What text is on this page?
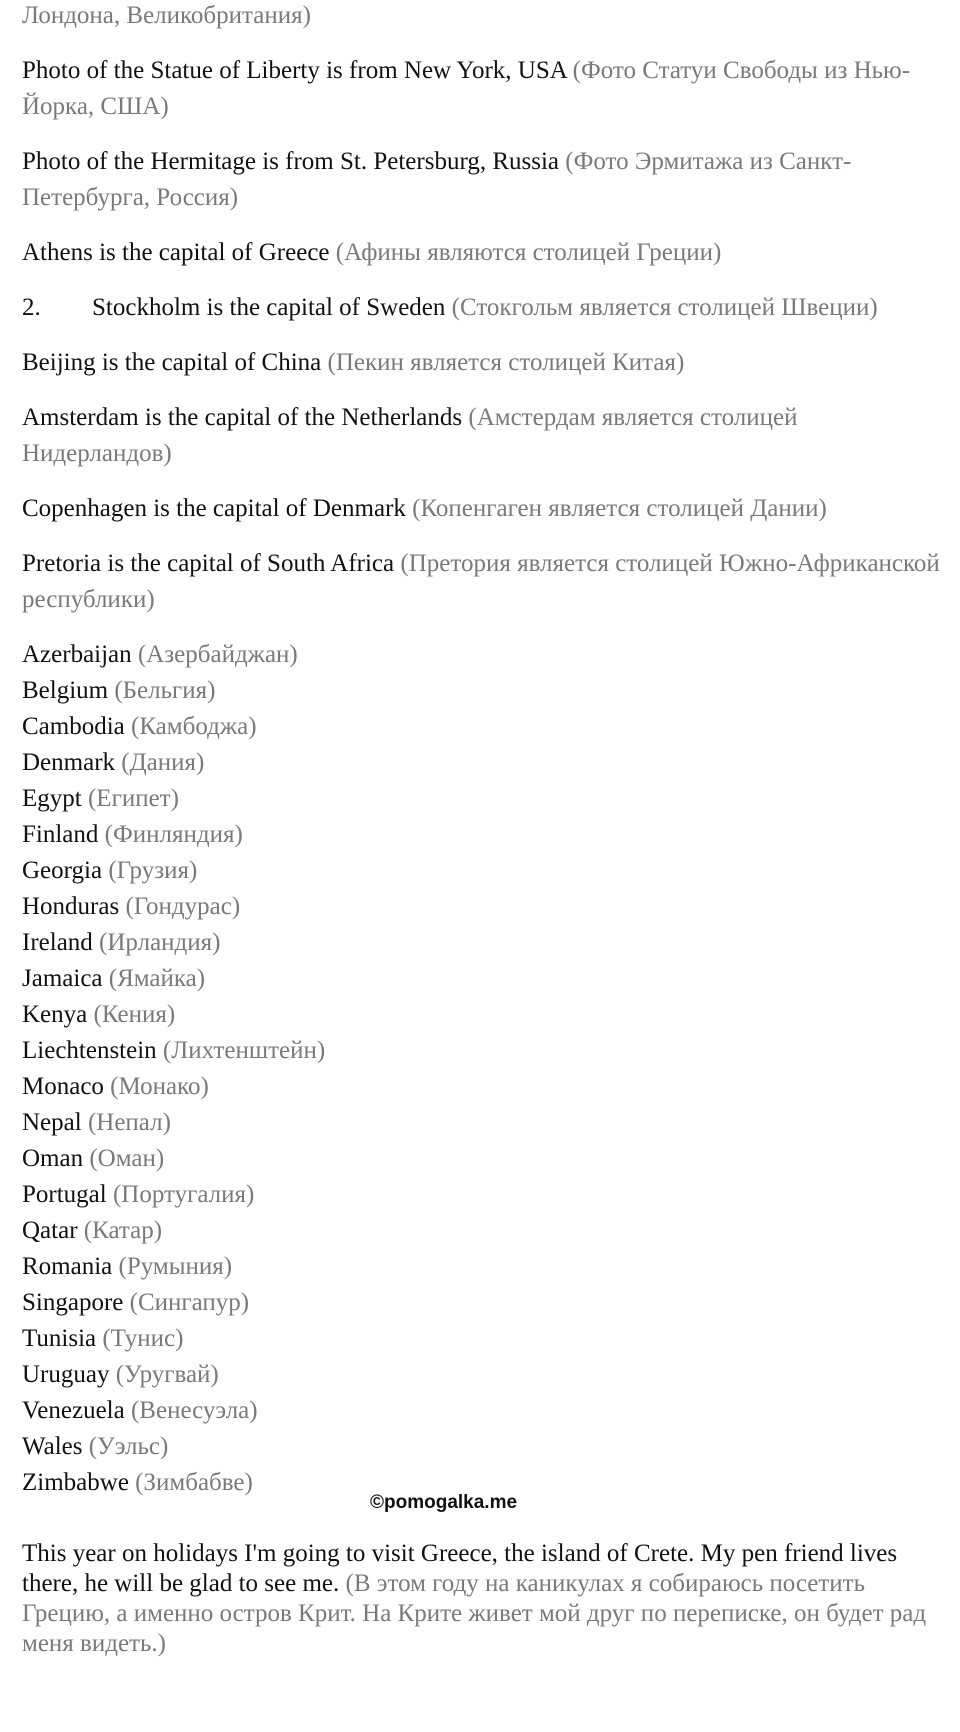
Лондона, Великобритания)

Photo of the Statue of Liberty is from New York, USA (Фото Статуи Свободы из Нью-Йорка, США)

Photo of the Hermitage is from St. Petersburg, Russia (Фото Эрмитажа из Санкт-Петербурга, Россия)

Athens is the capital of Greece (Афины являются столицей Греции)

2. Stockholm is the capital of Sweden (Стокгольм является столицей Швеции)

Beijing is the capital of China (Пекин является столицей Китая)

Amsterdam is the capital of the Netherlands (Амстердам является столицей Нидерландов)

Copenhagen is the capital of Denmark (Копенгаген является столицей Дании)

Pretoria is the capital of South Africa (Претория является столицей Южно-Африканской республики)

Azerbaijan (Азербайджан)
Belgium (Бельгия)
Cambodia (Камбоджа)
Denmark (Дания)
Egypt (Египет)
Finland (Финляндия)
Georgia (Грузия)
Honduras (Гондурас)
Ireland (Ирландия)
Jamaica (Ямайка)
Kenya (Кения)
Liechtenstein (Лихтенштейн)
Monaco (Монако)
Nepal (Непал)
Oman (Оман)
Portugal (Португалия)
Qatar (Катар)
Romania (Румыния)
Singapore (Сингапур)
Tunisia (Тунис)
Uruguay (Уругвай)
Venezuela (Венесуэла)
Wales (Уэльс)
Zimbabwe (Зимбабве)

This year on holidays I'm going to visit Greece, the island of Crete. My pen friend lives there, he will be glad to see me. (В этом году на каникулах я собираюсь посетить Грецию, а именно остров Крит. На Крите живет мой друг по переписке, он будет рад меня видеть.)

©pomogalka.me
